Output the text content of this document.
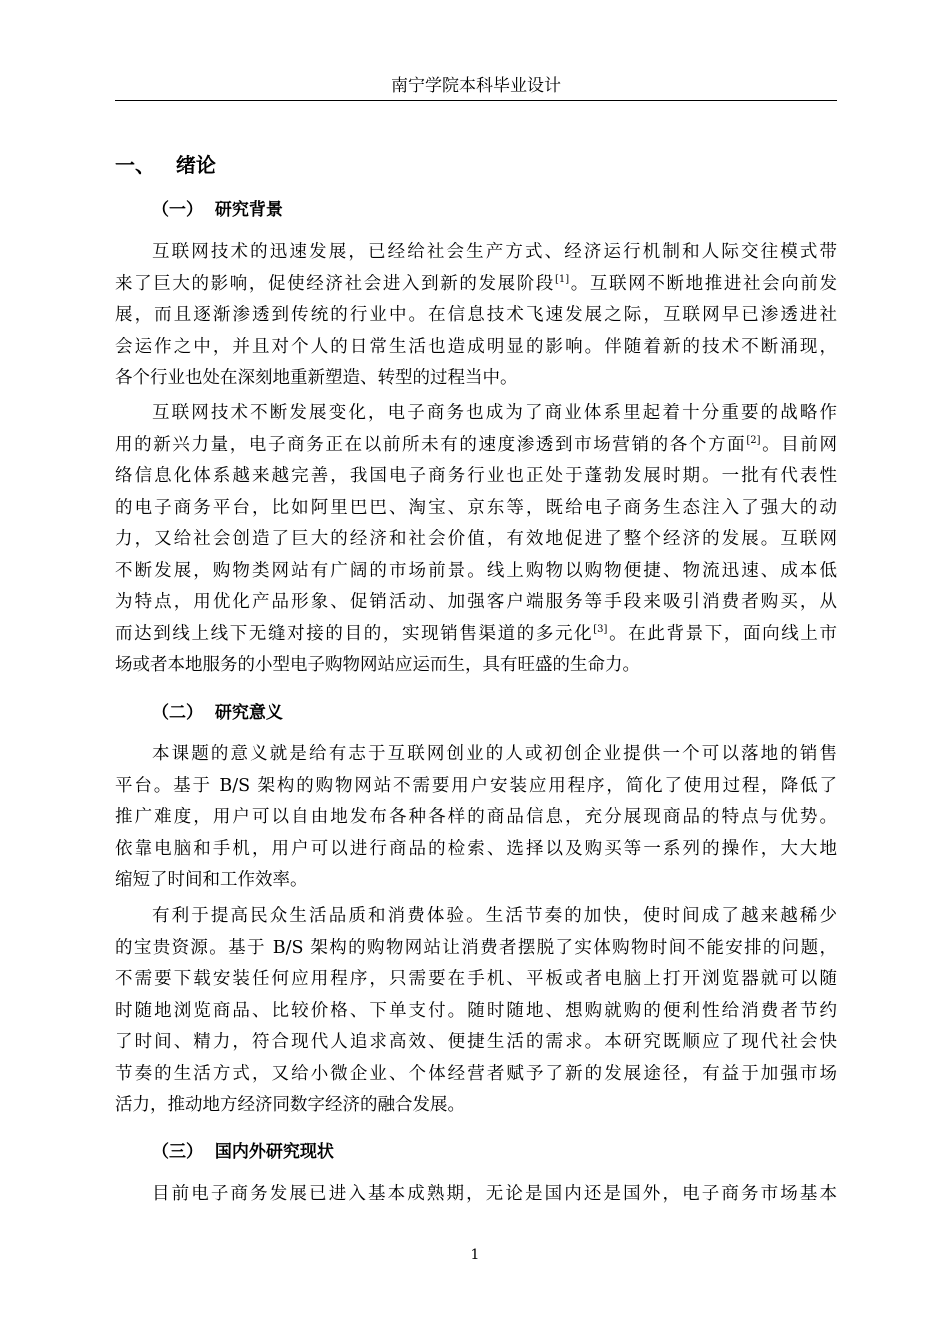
南宁学院本科毕业设计
一、 绪论
（一）  研究背景
互联网技术的迅速发展，已经给社会生产方式、经济运行机制和人际交往模式带
来了巨大的影响，促使经济社会进入到新的发展阶段[1]。互联网不断地推进社会向前发
展，而且逐渐渗透到传统的行业中。在信息技术飞速发展之际，互联网早已渗透进社
会运作之中，并且对个人的日常生活也造成明显的影响。伴随着新的技术不断涌现，
各个行业也处在深刻地重新塑造、转型的过程当中。
互联网技术不断发展变化，电子商务也成为了商业体系里起着十分重要的战略作
用的新兴力量，电子商务正在以前所未有的速度渗透到市场营销的各个方面[2]。目前网
络信息化体系越来越完善，我国电子商务行业也正处于蓬勃发展时期。一批有代表性
的电子商务平台，比如阿里巴巴、淘宝、京东等，既给电子商务生态注入了强大的动
力，又给社会创造了巨大的经济和社会价值，有效地促进了整个经济的发展。互联网
不断发展，购物类网站有广阔的市场前景。线上购物以购物便捷、物流迅速、成本低
为特点，用优化产品形象、促销活动、加强客户端服务等手段来吸引消费者购买，从
而达到线上线下无缝对接的目的，实现销售渠道的多元化[3]。在此背景下，面向线上市
场或者本地服务的小型电子购物网站应运而生，具有旺盛的生命力。
（二）  研究意义
本课题的意义就是给有志于互联网创业的人或初创企业提供一个可以落地的销售
平台。基于 B/S 架构的购物网站不需要用户安装应用程序，简化了使用过程，降低了
推广难度，用户可以自由地发布各种各样的商品信息，充分展现商品的特点与优势。
依靠电脑和手机，用户可以进行商品的检索、选择以及购买等一系列的操作，大大地
缩短了时间和工作效率。
有利于提高民众生活品质和消费体验。生活节奏的加快，使时间成了越来越稀少
的宝贵资源。基于 B/S 架构的购物网站让消费者摆脱了实体购物时间不能安排的问题，
不需要下载安装任何应用程序，只需要在手机、平板或者电脑上打开浏览器就可以随
时随地浏览商品、比较价格、下单支付。随时随地、想购就购的便利性给消费者节约
了时间、精力，符合现代人追求高效、便捷生活的需求。本研究既顺应了现代社会快
节奏的生活方式，又给小微企业、个体经营者赋予了新的发展途径，有益于加强市场
活力，推动地方经济同数字经济的融合发展。
（三）  国内外研究现状
目前电子商务发展已进入基本成熟期，无论是国内还是国外，电子商务市场基本
1
